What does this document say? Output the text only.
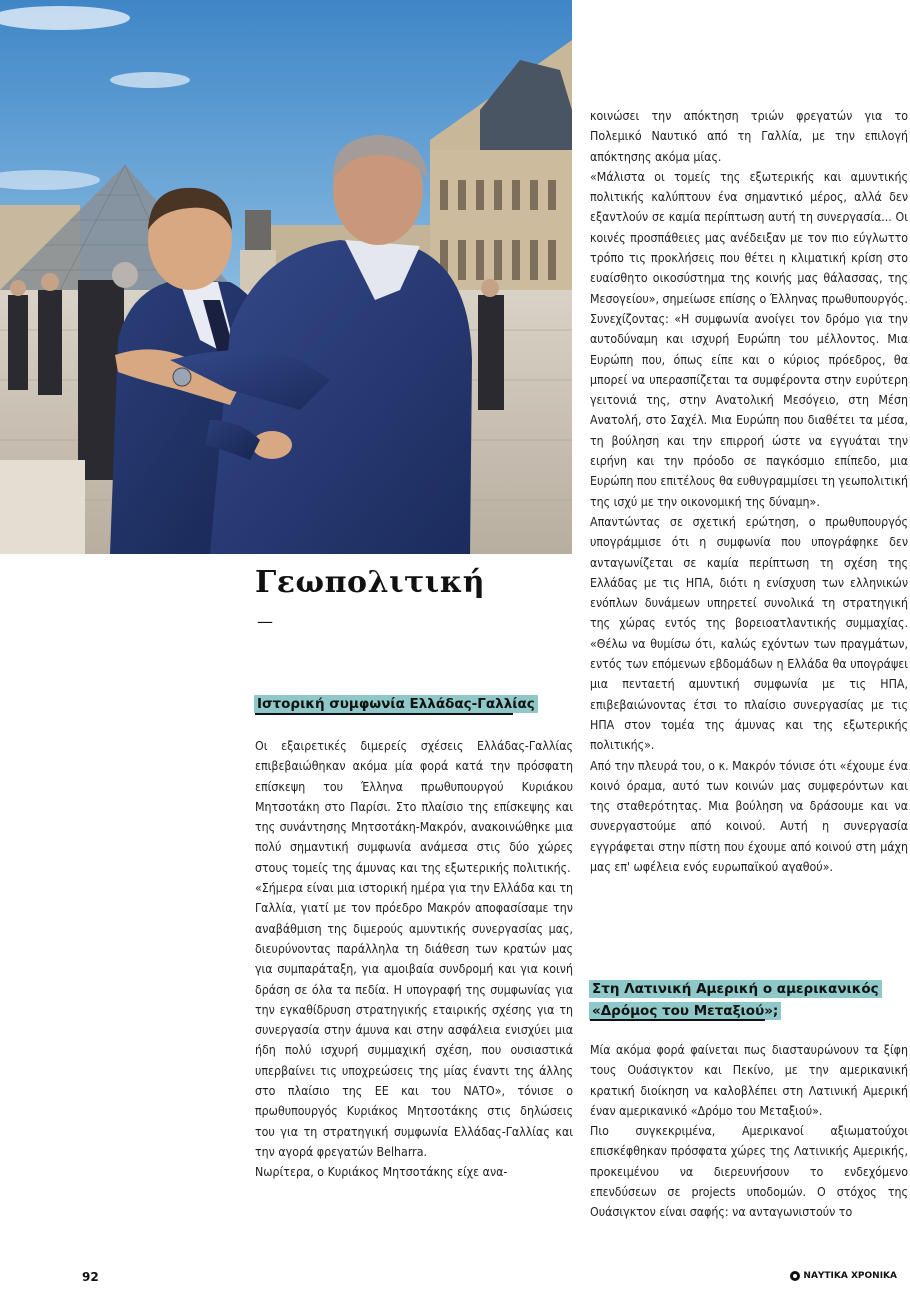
Γεωπολιτική
—
Ιστορική συμφωνία Ελλάδας-Γαλλίας

Οι εξαιρετικές διμερείς σχέσεις Ελλάδας-Γαλλίας επιβεβαιώθηκαν ακόμα μία φορά κατά την πρόσφατη επίσκεψη του Έλληνα πρωθυπουργού Κυριάκου Μητσοτάκη στο Παρίσι. Στο πλαίσιο της επίσκεψης και της συνάντησης Μητσοτάκη-Μακρόν, ανακοινώθηκε μια πολύ σημαντική συμφωνία ανάμεσα στις δύο χώρες στους τομείς της άμυνας και της εξωτερικής πολιτικής.

«Σήμερα είναι μια ιστορική ημέρα για την Ελλάδα και τη Γαλλία, γιατί με τον πρόεδρο Μακρόν αποφασίσαμε την αναβάθμιση της διμερούς αμυντικής συνεργασίας μας, διευρύνοντας παράλληλα τη διάθεση των κρατών μας για συμπαράταξη, για αμοιβαία συνδρομή και για κοινή δράση σε όλα τα πεδία. Η υπογραφή της συμφωνίας για την εγκαθίδρυση στρατηγικής εταιρικής σχέσης για τη συνεργασία στην άμυνα και στην ασφάλεια ενισχύει μια ήδη πολύ ισχυρή συμμαχική σχέση, που ουσιαστικά υπερβαίνει τις υποχρεώσεις της μίας έναντι της άλλης στο πλαίσιο της ΕΕ και του ΝΑΤΟ», τόνισε ο πρωθυπουργός Κυριάκος Μητσοτάκης στις δηλώσεις του για τη στρατηγική συμφωνία Ελλάδας-Γαλλίας και την αγορά φρεγατών Belharra.

Νωρίτερα, ο Κυριάκος Μητσοτάκης είχε ανα-

κοινώσει την απόκτηση τριών φρεγατών για το Πολεμικό Ναυτικό από τη Γαλλία, με την επιλογή απόκτησης ακόμα μίας.

«Μάλιστα οι τομείς της εξωτερικής και αμυντικής πολιτικής καλύπτουν ένα σημαντικό μέρος, αλλά δεν εξαντλούν σε καμία περίπτωση αυτή τη συνεργασία... Οι κοινές προσπάθειες μας ανέδειξαν με τον πιο εύγλωττο τρόπο τις προκλήσεις που θέτει η κλιματική κρίση στο ευαίσθητο οικοσύστημα της κοινής μας θάλασσας, της Μεσογείου», σημείωσε επίσης ο Έλληνας πρωθυπουργός.

Συνεχίζοντας: «Η συμφωνία ανοίγει τον δρόμο για την αυτοδύναμη και ισχυρή Ευρώπη του μέλλοντος. Μια Ευρώπη που, όπως είπε και ο κύριος πρόεδρος, θα μπορεί να υπερασπίζεται τα συμφέροντα στην ευρύτερη γειτονιά της, στην Ανατολική Μεσόγειο, στη Μέση Ανατολή, στο Σαχέλ. Μια Ευρώπη που διαθέτει τα μέσα, τη βούληση και την επιρροή ώστε να εγγυάται την ειρήνη και την πρόοδο σε παγκόσμιο επίπεδο, μια Ευρώπη που επιτέλους θα ευθυγραμμίσει τη γεωπολιτική της ισχύ με την οικονομική της δύναμη».

Απαντώντας σε σχετική ερώτηση, ο πρωθυπουργός υπογράμμισε ότι η συμφωνία που υπογράφηκε δεν ανταγωνίζεται σε καμία περίπτωση τη σχέση της Ελλάδας με τις ΗΠΑ, διότι η ενίσχυση των ελληνικών ενόπλων δυνάμεων υπηρετεί συνολικά τη στρατηγική της χώρας εντός της βορειοατλαντικής συμμαχίας. «Θέλω να θυμίσω ότι, καλώς εχόντων των πραγμάτων, εντός των επόμενων εβδομάδων η Ελλάδα θα υπογράψει μια πενταετή αμυντική συμφωνία με τις ΗΠΑ, επιβεβαιώνοντας έτσι το πλαίσιο συνεργασίας με τις ΗΠΑ στον τομέα της άμυνας και της εξωτερικής πολιτικής».

Από την πλευρά του, ο κ. Μακρόν τόνισε ότι «έχουμε ένα κοινό όραμα, αυτό των κοινών μας συμφερόντων και της σταθερότητας. Μια βούληση να δράσουμε και να συνεργαστούμε από κοινού. Αυτή η συνεργασία εγγράφεται στην πίστη που έχουμε από κοινού στη μάχη μας επ' ωφέλεια ενός ευρωπαϊκού αγαθού».

Στη Λατινική Αμερική ο αμερικανικός «Δρόμος του Μεταξιού»;

Μία ακόμα φορά φαίνεται πως διασταυρώνουν τα ξίφη τους Ουάσιγκτον και Πεκίνο, με την αμερικανική κρατική διοίκηση να καλοβλέπει στη Λατινική Αμερική έναν αμερικανικό «Δρόμο του Μεταξιού».

Πιο συγκεκριμένα, Αμερικανοί αξιωματούχοι επισκέφθηκαν πρόσφατα χώρες της Λατινικής Αμερικής, προκειμένου να διερευνήσουν το ενδεχόμενο επενδύσεων σε projects υποδομών. Ο στόχος της Ουάσιγκτον είναι σαφής: να ανταγωνιστούν το

92	ΝΑΥΤΙΚΑ ΧΡΟΝΙΚΑ
